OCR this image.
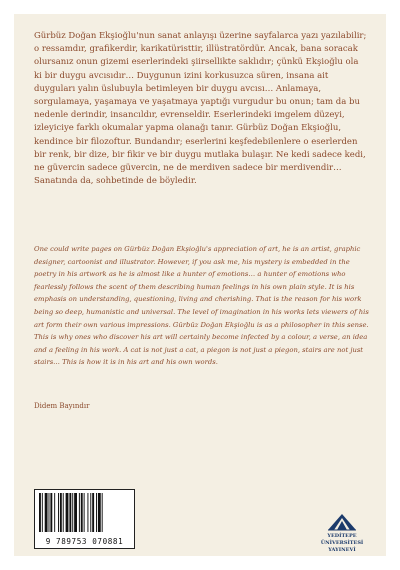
Gürbüz Doğan Ekşioğlu'nun sanat anlayışı üzerine sayfalarca yazı yazılabilir; o ressamdır, grafikerdir, karikatüristtir, illüstratördür. Ancak, bana soracak olursanız onun gizemi eserlerindeki şiirsellikte saklıdır; çünkü Ekşioğlu ola ki bir duygu avcısıdır… Duygunun izini korkusuzca süren, insana ait duyguları yalın üslubuyla betimleyen bir duygu avcısı… Anlamaya, sorgulamaya, yaşamaya ve yaşatmaya yaptığı vurgudur bu onun; tam da bu nedenle derindir, insancıldır, evrenseldir. Eserlerindeki imgelem düzeyi, izleyiciye farklı okumalar yapma olanağı tanır. Gürbüz Doğan Ekşioğlu, kendince bir filozoftur. Bundandır; eserlerini keşfedebilenlere o eserlerden bir renk, bir dize, bir fikir ve bir duygu mutlaka bulaşır. Ne kedi sadece kedi, ne güvercin sadece güvercin, ne de merdiven sadece bir merdivendir… Sanatında da, sohbetinde de böyledir.

One could write pages on Gürbüz Doğan Ekşioğlu's appreciation of art, he is an artist, graphic designer, cartoonist and illustrator. However, if you ask me, his mystery is embedded in the poetry in his artwork as he is almost like a hunter of emotions… a hunter of emotions who fearlessly follows the scent of them describing human feelings in his own plain style. It is his emphasis on understanding, questioning, living and cherishing. That is the reason for his work being so deep, humanistic and universal. The level of imagination in his works lets viewers of his art form their own various impressions. Gürbüz Doğan Ekşioğlu is as a philosopher in this sense. This is why ones who discover his art will certainly become infected by a colour, a verse, an idea and a feeling in his work. A cat is not just a cat, a piegon is not just a piegon, stairs are not just stairs… This is how it is in his art and his own words.

Didem Bayındır

9 789753 070881
YEDİTEPE ÜNİVERSİTESİ
YAYINEVİ
